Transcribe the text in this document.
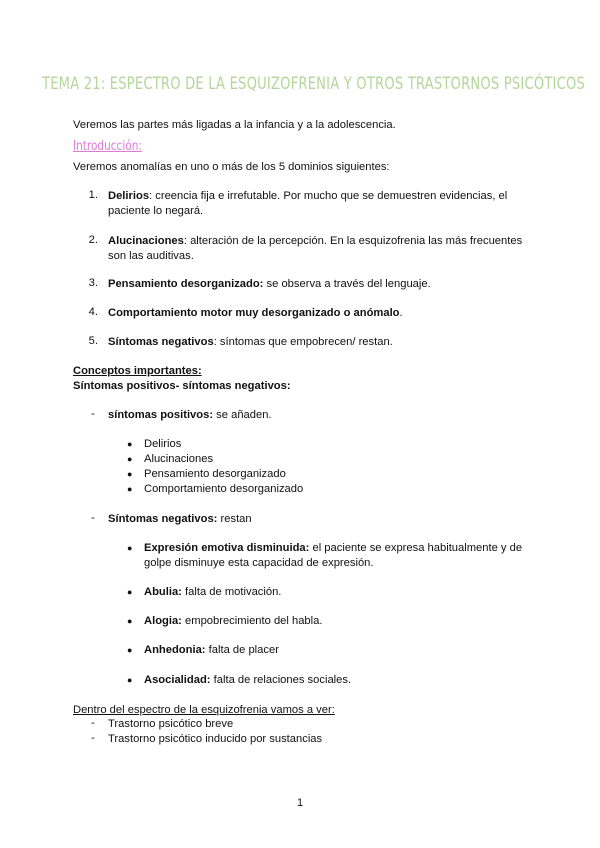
TEMA 21: ESPECTRO DE LA ESQUIZOFRENIA Y OTROS TRASTORNOS PSICÓTICOS
Veremos las partes más ligadas a la infancia y a la adolescencia.
Introducción:
Veremos anomalías en uno o más de los 5 dominios siguientes:
1. Delirios: creencia fija e irrefutable. Por mucho que se demuestren evidencias, el
paciente lo negará.
2. Alucinaciones: alteración de la percepción. En la esquizofrenia las más frecuentes
son las auditivas.
3. Pensamiento desorganizado: se observa a través del lenguaje.
4. Comportamiento motor muy desorganizado o anómalo.
5. Síntomas negativos: síntomas que empobrecen/ restan.
Conceptos importantes:
Síntomas positivos- síntomas negativos:
- síntomas positivos: se añaden.
● Delirios
● Alucinaciones
● Pensamiento desorganizado
● Comportamiento desorganizado
- Síntomas negativos: restan
● Expresión emotiva disminuida: el paciente se expresa habitualmente y de
golpe disminuye esta capacidad de expresión.
● Abulia: falta de motivación.
● Alogia: empobrecimiento del habla.
● Anhedonia: falta de placer
● Asocialidad: falta de relaciones sociales.
Dentro del espectro de la esquizofrenia vamos a ver:
- Trastorno psicótico breve
- Trastorno psicótico inducido por sustancias
1
